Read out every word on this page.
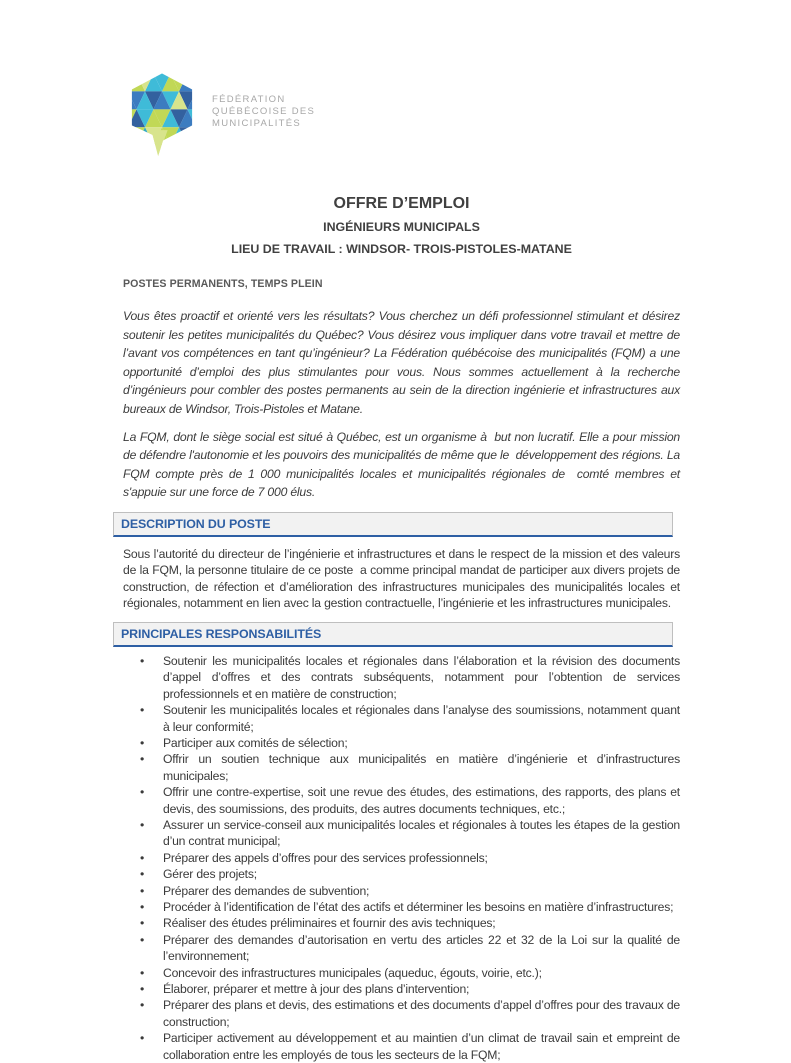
FÉDÉRATION
QUÉBÉCOISE DES
MUNICIPALITÉS
OFFRE D’EMPLOI
INGÉNIEURS MUNICIPALS
LIEU DE TRAVAIL : WINDSOR- TROIS-PISTOLES-MATANE
POSTES PERMANENTS, TEMPS PLEIN

Vous êtes proactif et orienté vers les résultats? Vous cherchez un défi professionnel stimulant et désirez soutenir les petites municipalités du Québec? Vous désirez vous impliquer dans votre travail et mettre de l’avant vos compétences en tant qu’ingénieur? La Fédération québécoise des municipalités (FQM) a une opportunité d’emploi des plus stimulantes pour vous. Nous sommes actuellement à la recherche d’ingénieurs pour combler des postes permanents au sein de la direction ingénierie et infrastructures aux bureaux de Windsor, Trois-Pistoles et Matane.

La FQM, dont le siège social est situé à Québec, est un organisme à  but non lucratif. Elle a pour mission de défendre l'autonomie et les pouvoirs des municipalités de même que le  développement des régions. La FQM compte près de 1 000 municipalités locales et municipalités régionales de  comté membres et s'appuie sur une force de 7 000 élus.

DESCRIPTION DU POSTE

Sous l’autorité du directeur de l’ingénierie et infrastructures et dans le respect de la mission et des valeurs de la FQM, la personne titulaire de ce poste  a comme principal mandat de participer aux divers projets de construction, de réfection et d’amélioration des infrastructures municipales des municipalités locales et régionales, notamment en lien avec la gestion contractuelle, l’ingénierie et les infrastructures municipales.

PRINCIPALES RESPONSABILITÉS
• Soutenir les municipalités locales et régionales dans l’élaboration et la révision des documents d’appel d’offres et des contrats subséquents, notamment pour l’obtention de services professionnels et en matière de construction;
• Soutenir les municipalités locales et régionales dans l’analyse des soumissions, notamment quant à leur conformité;
• Participer aux comités de sélection;
• Offrir un soutien technique aux municipalités en matière d’ingénierie et d’infrastructures municipales;
• Offrir une contre-expertise, soit une revue des études, des estimations, des rapports, des plans et devis, des soumissions, des produits, des autres documents techniques, etc.;
• Assurer un service-conseil aux municipalités locales et régionales à toutes les étapes de la gestion d’un contrat municipal;
• Préparer des appels d’offres pour des services professionnels;
• Gérer des projets;
• Préparer des demandes de subvention;
• Procéder à l’identification de l’état des actifs et déterminer les besoins en matière d’infrastructures;
• Réaliser des études préliminaires et fournir des avis techniques;
• Préparer des demandes d’autorisation en vertu des articles 22 et 32 de la Loi sur la qualité de l’environnement;
• Concevoir des infrastructures municipales (aqueduc, égouts, voirie, etc.);
• Élaborer, préparer et mettre à jour des plans d’intervention;
• Préparer des plans et devis, des estimations et des documents d’appel d’offres pour des travaux de construction;
• Participer activement au développement et au maintien d’un climat de travail sain et empreint de collaboration entre les employés de tous les secteurs de la FQM;
